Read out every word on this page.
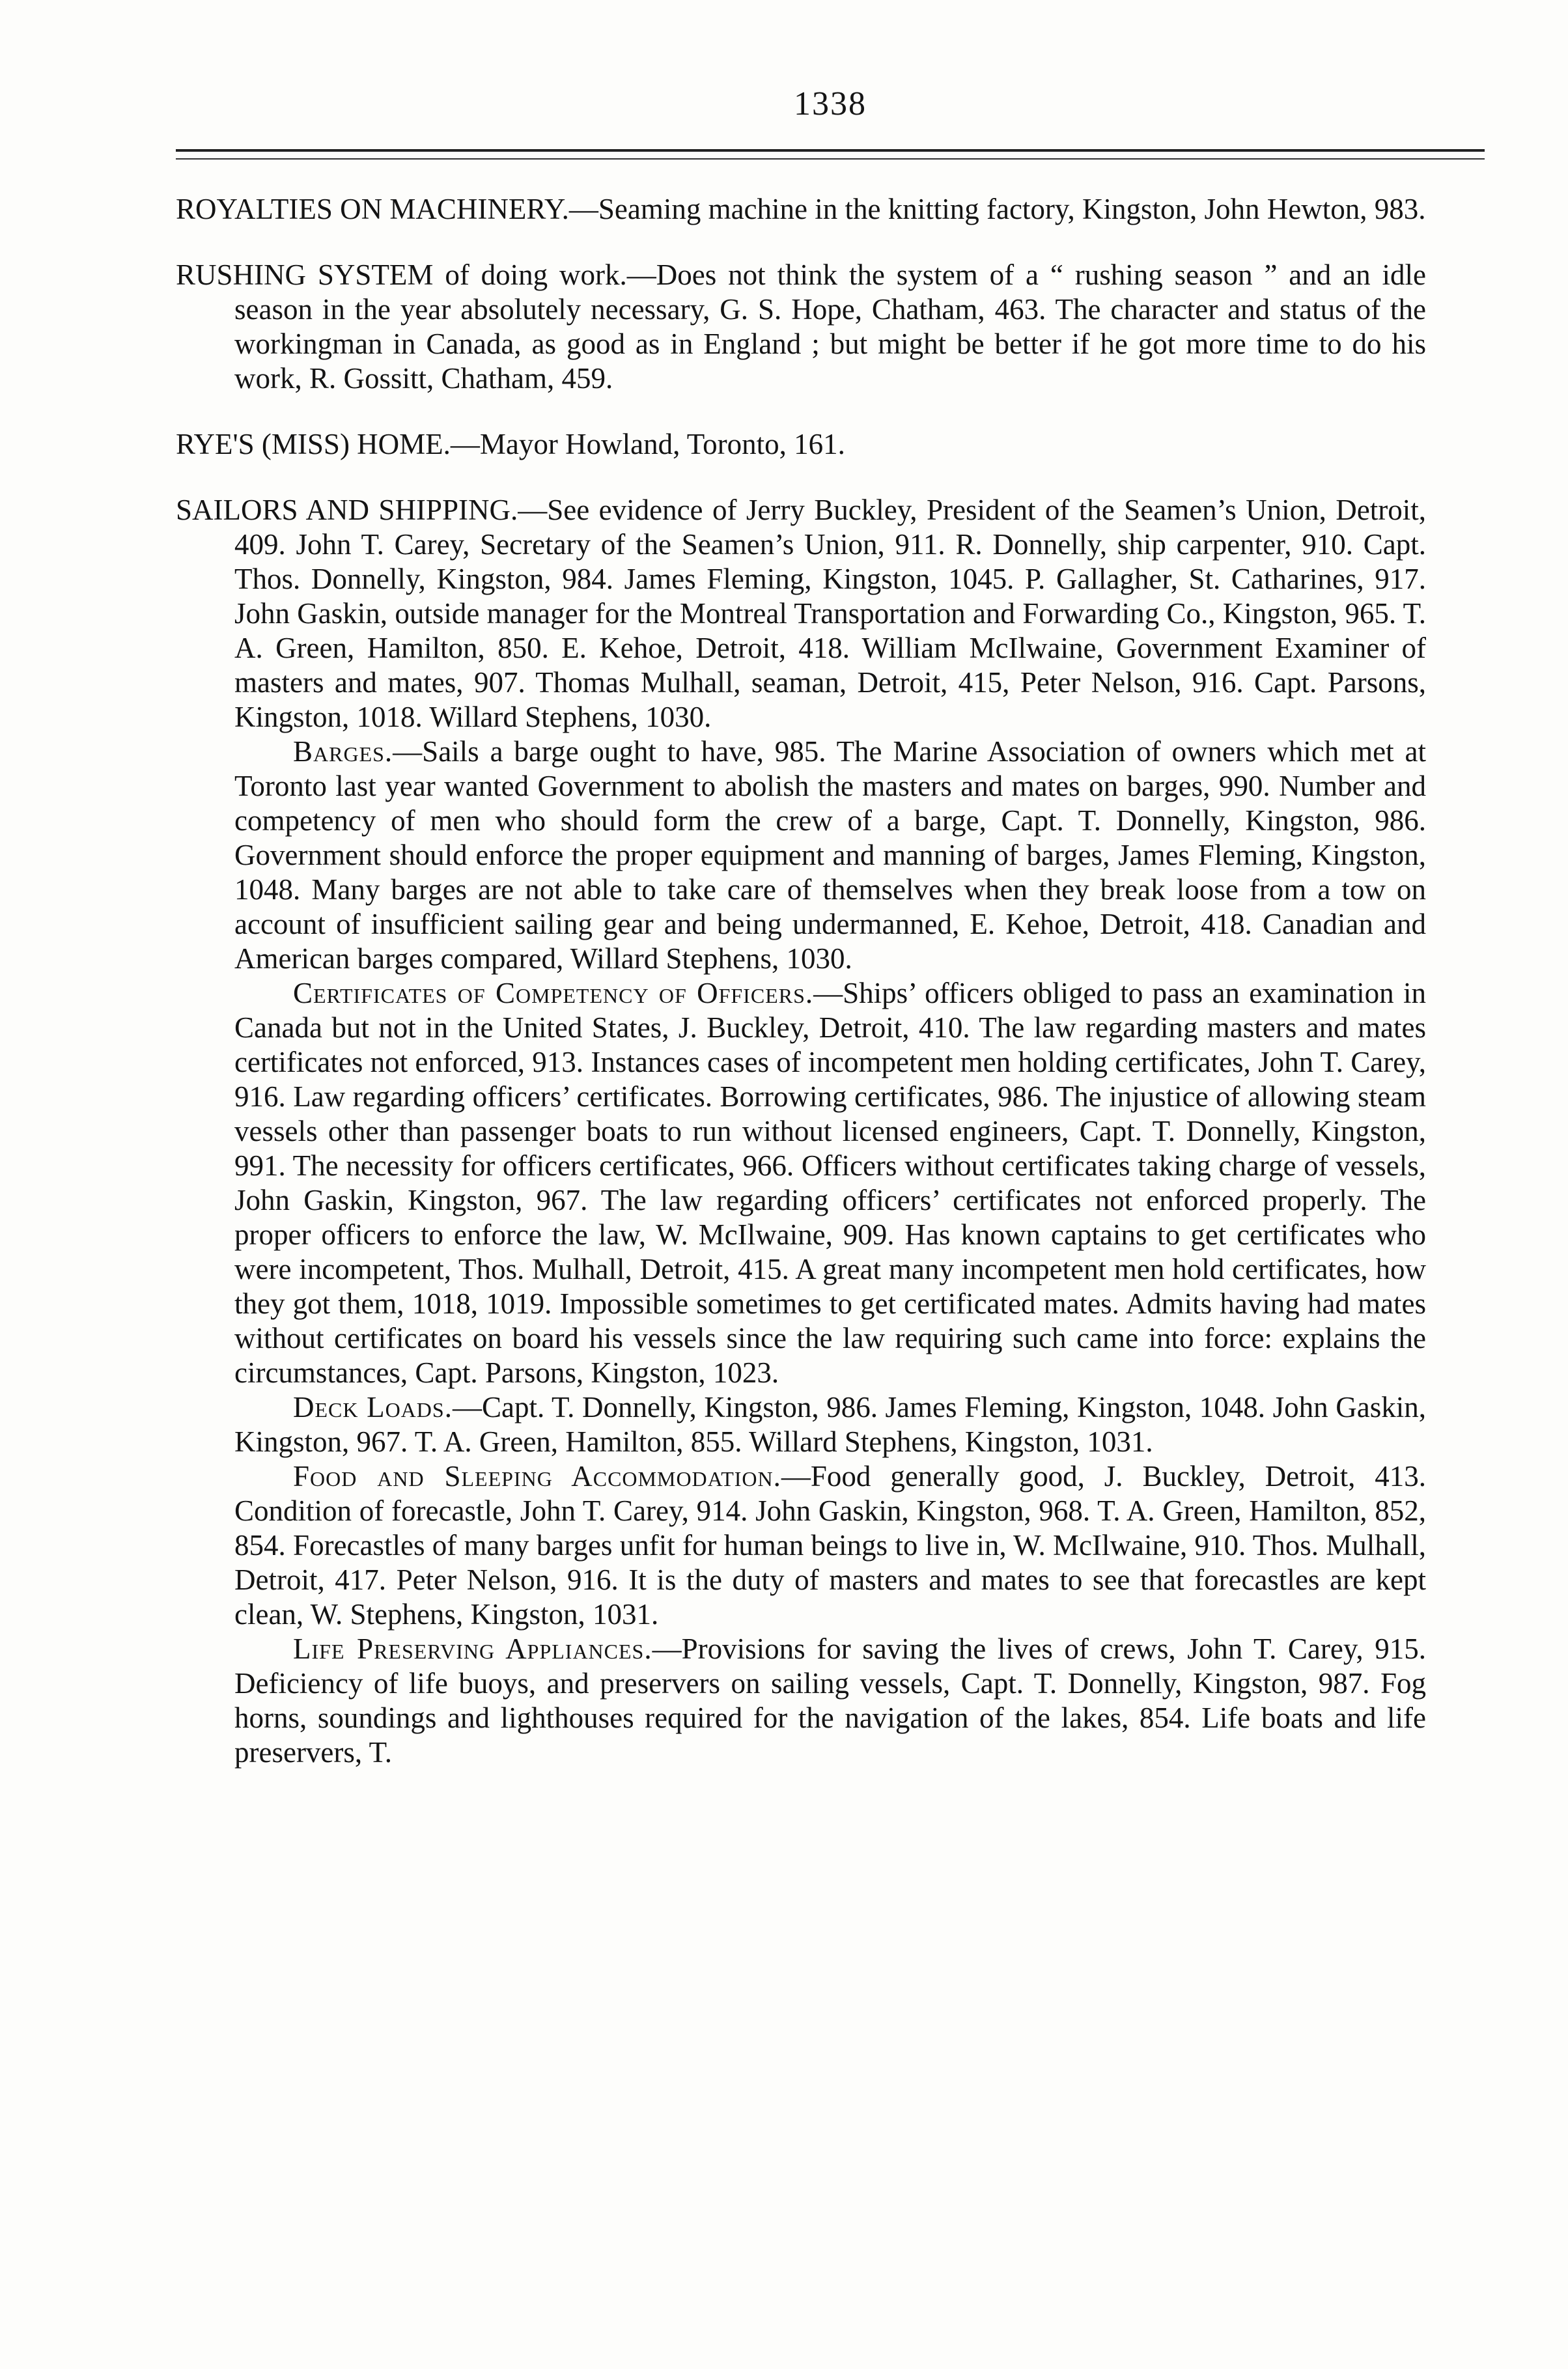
1338
ROYALTIES ON MACHINERY.—Seaming machine in the knitting factory, Kingston, John Hewton, 983.
RUSHING SYSTEM of doing work.—Does not think the system of a “ rushing season ” and an idle season in the year absolutely necessary, G. S. Hope, Chatham, 463. The character and status of the workingman in Canada, as good as in England ; but might be better if he got more time to do his work, R. Gossitt, Chatham, 459.
RYE'S (MISS) HOME.—Mayor Howland, Toronto, 161.
SAILORS AND SHIPPING.—See evidence of Jerry Buckley, President of the Seamen’s Union, Detroit, 409. John T. Carey, Secretary of the Seamen’s Union, 911. R. Donnelly, ship carpenter, 910. Capt. Thos. Donnelly, Kingston, 984. James Fleming, Kingston, 1045. P. Gallagher, St. Catharines, 917. John Gaskin, outside manager for the Montreal Transportation and Forwarding Co., Kingston, 965. T. A. Green, Hamilton, 850. E. Kehoe, Detroit, 418. William McIlwaine, Government Examiner of masters and mates, 907. Thomas Mulhall, seaman, Detroit, 415, Peter Nelson, 916. Capt. Parsons, Kingston, 1018. Willard Stephens, 1030.

Barges.—Sails a barge ought to have, 985. The Marine Association of owners which met at Toronto last year wanted Government to abolish the masters and mates on barges, 990. Number and competency of men who should form the crew of a barge, Capt. T. Donnelly, Kingston, 986. Government should enforce the proper equipment and manning of barges, James Fleming, Kingston, 1048. Many barges are not able to take care of themselves when they break loose from a tow on account of insufficient sailing gear and being undermanned, E. Kehoe, Detroit, 418. Canadian and American barges compared, Willard Stephens, 1030.

Certificates of Competency of Officers.—Ships’ officers obliged to pass an examination in Canada but not in the United States, J. Buckley, Detroit, 410. The law regarding masters and mates certificates not enforced, 913. Instances cases of incompetent men holding certificates, John T. Carey, 916. Law regarding officers’ certificates. Borrowing certificates, 986. The injustice of allowing steam vessels other than passenger boats to run without licensed engineers, Capt. T. Donnelly, Kingston, 991. The necessity for officers certificates, 966. Officers without certificates taking charge of vessels, John Gaskin, Kingston, 967. The law regarding officers’ certificates not enforced properly. The proper officers to enforce the law, W. McIlwaine, 909. Has known captains to get certificates who were incompetent, Thos. Mulhall, Detroit, 415. A great many incompetent men hold certificates, how they got them, 1018, 1019. Impossible sometimes to get certificated mates. Admits having had mates without certificates on board his vessels since the law requiring such came into force: explains the circumstances, Capt. Parsons, Kingston, 1023.

Deck Loads.—Capt. T. Donnelly, Kingston, 986. James Fleming, Kingston, 1048. John Gaskin, Kingston, 967. T. A. Green, Hamilton, 855. Willard Stephens, Kingston, 1031.

Food and Sleeping Accommodation.—Food generally good, J. Buckley, Detroit, 413. Condition of forecastle, John T. Carey, 914. John Gaskin, Kingston, 968. T. A. Green, Hamilton, 852, 854. Forecastles of many barges unfit for human beings to live in, W. McIlwaine, 910. Thos. Mulhall, Detroit, 417. Peter Nelson, 916. It is the duty of masters and mates to see that forecastles are kept clean, W. Stephens, Kingston, 1031.

Life Preserving Appliances.—Provisions for saving the lives of crews, John T. Carey, 915. Deficiency of life buoys, and preservers on sailing vessels, Capt. T. Donnelly, Kingston, 987. Fog horns, soundings and lighthouses required for the navigation of the lakes, 854. Life boats and life preservers, T.
